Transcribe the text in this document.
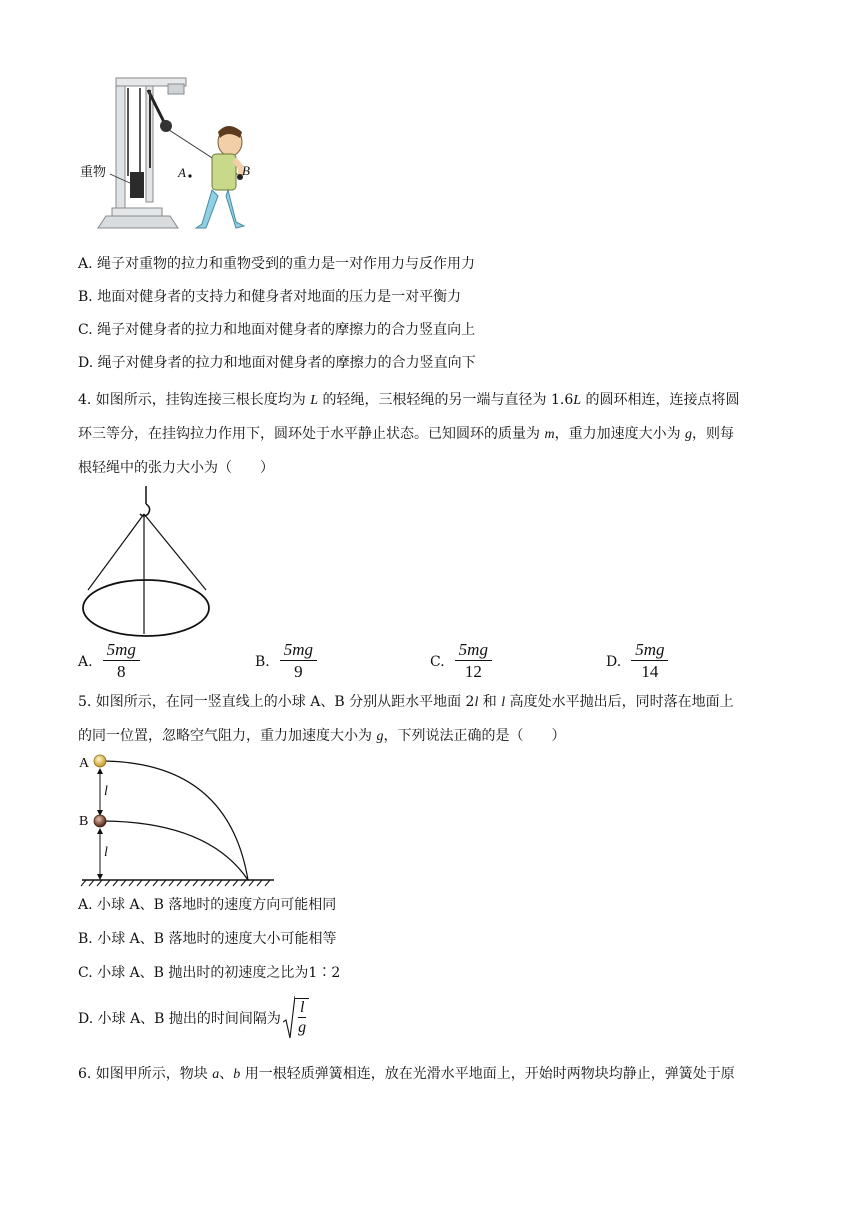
重物	A	B
A. 绳子对重物的拉力和重物受到的重力是一对作用力与反作用力
B. 地面对健身者的支持力和健身者对地面的压力是一对平衡力
C. 绳子对健身者的拉力和地面对健身者的摩擦力的合力竖直向上
D. 绳子对健身者的拉力和地面对健身者的摩擦力的合力竖直向下
4. 如图所示，挂钩连接三根长度均为 L 的轻绳，三根轻绳的另一端与直径为 1.6L 的圆环相连，连接点将圆
环三等分，在挂钩拉力作用下，圆环处于水平静止状态。已知圆环的质量为 m，重力加速度大小为 g，则每
根轻绳中的张力大小为（　　）
A. $\frac{5mg}{8}$	B. $\frac{5mg}{9}$	C. $\frac{5mg}{12}$	D. $\frac{5mg}{14}$
5. 如图所示，在同一竖直线上的小球 A、B 分别从距水平地面 2l 和 l 高度处水平抛出后，同时落在地面上
的同一位置，忽略空气阻力，重力加速度大小为 g，下列说法正确的是（　　）
A
B
l
l
A. 小球 A、B 落地时的速度方向可能相同
B. 小球 A、B 落地时的速度大小可能相等
C. 小球 A、B 抛出时的初速度之比为1∶2
D. 小球 A、B 抛出的时间间隔为 $\frac{l}{g}$
6. 如图甲所示，物块 a、b 用一根轻质弹簧相连，放在光滑水平地面上，开始时两物块均静止，弹簧处于原
